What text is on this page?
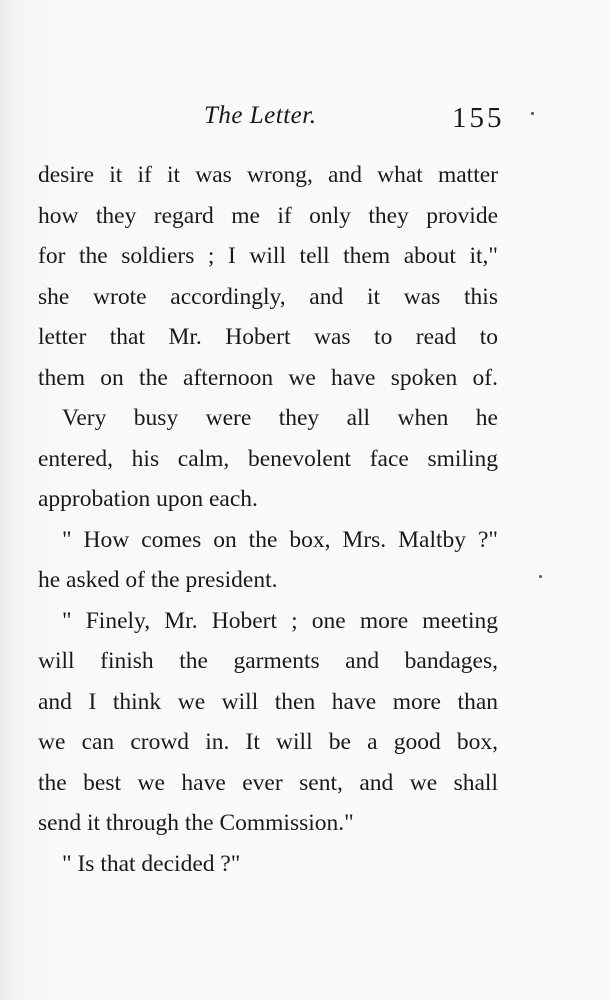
The Letter.	155
desire it if it was wrong, and what matter
how they regard me if only they provide
for the soldiers ; I will tell them about it,"
she wrote accordingly, and it was this
letter that Mr. Hobert was to read to
them on the afternoon we have spoken of.
Very busy were they all when he
entered, his calm, benevolent face smiling
approbation upon each.
" How comes on the box, Mrs. Maltby ?"
he asked of the president.
" Finely, Mr. Hobert ; one more meeting
will finish the garments and bandages,
and I think we will then have more than
we can crowd in. It will be a good box,
the best we have ever sent, and we shall
send it through the Commission."
" Is that decided ?"
